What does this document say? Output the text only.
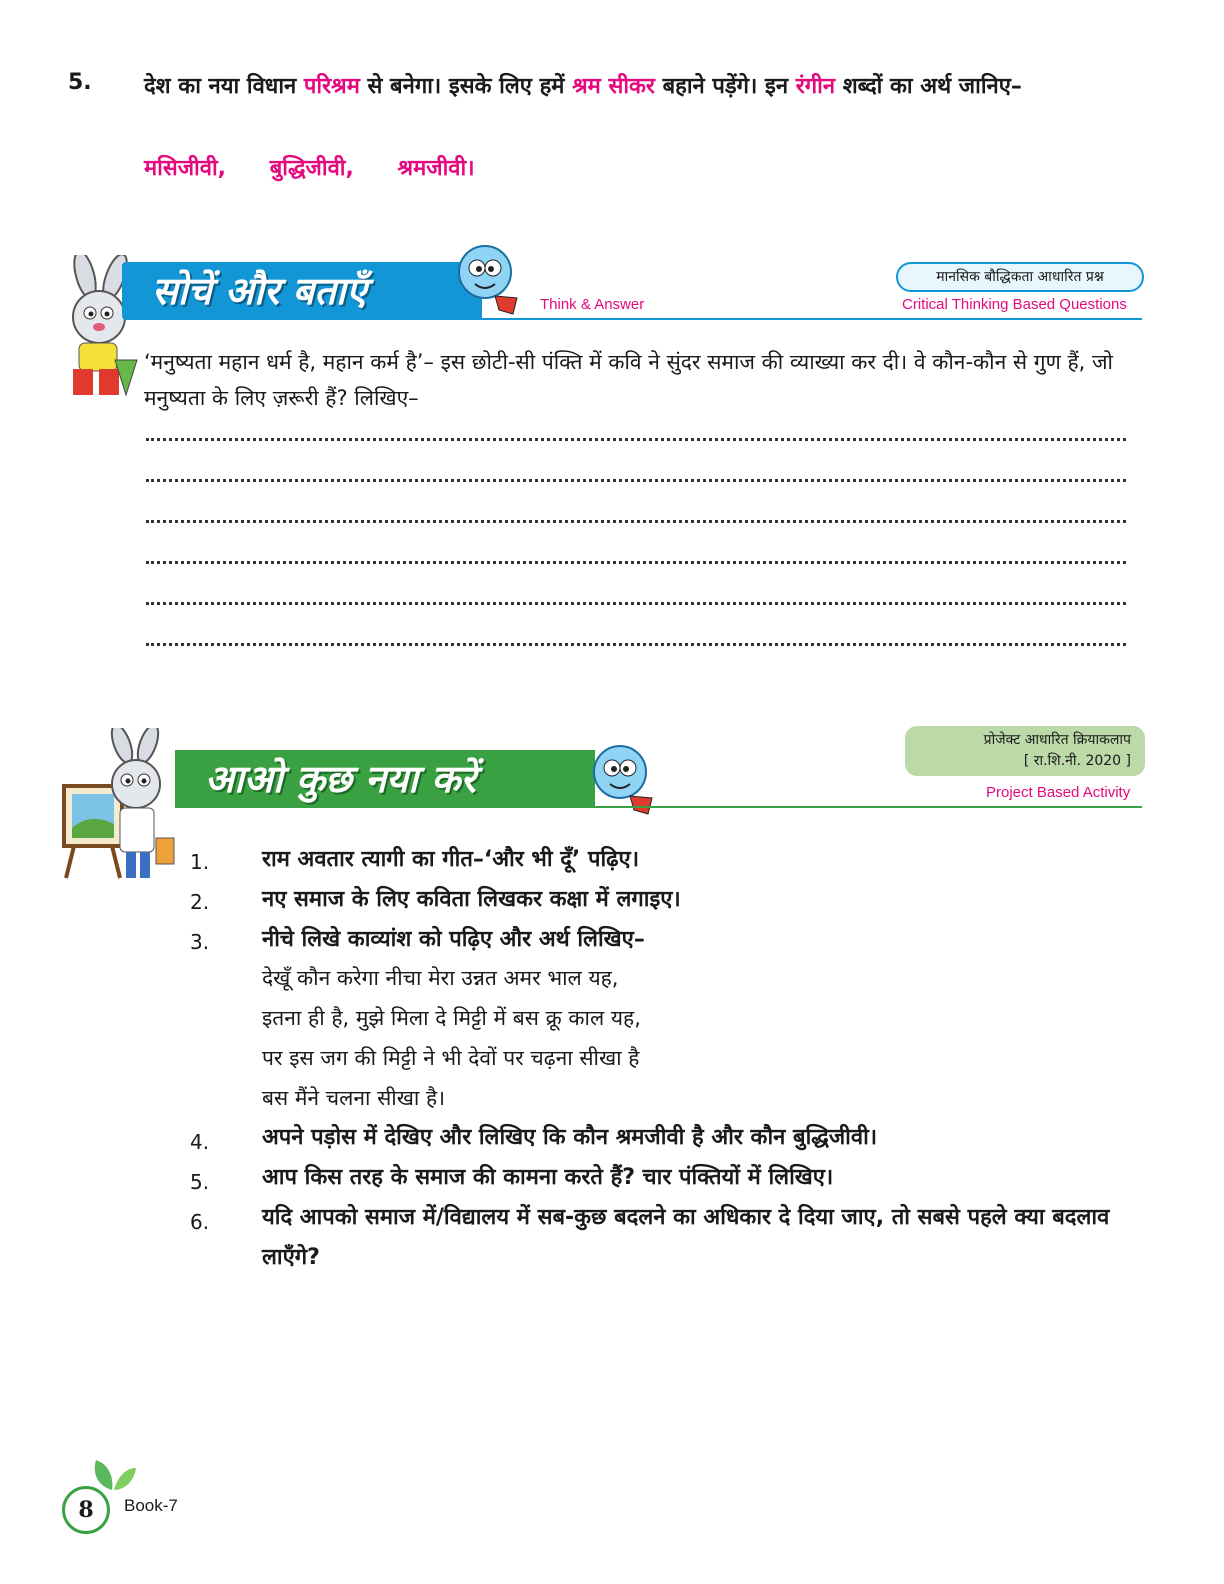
5. देश का नया विधान परिश्रम से बनेगा। इसके लिए हमें श्रम सीकर बहाने पड़ेंगे। इन रंगीन शब्दों का अर्थ जानिए–
मसिजीवी, बुद्धिजीवी, श्रमजीवी।
सोचें और बताएँ	Think & Answer
मानसिक बौद्धिकता आधारित प्रश्न
Critical Thinking Based Questions
‘मनुष्यता महान धर्म है, महान कर्म है’– इस छोटी-सी पंक्ति में कवि ने सुंदर समाज की व्याख्या कर दी। वे कौन-कौन से गुण हैं, जो मनुष्यता के लिए ज़रूरी हैं? लिखिए–
प्रोजेक्ट आधारित क्रियाकलाप
[ रा.शि.नी. 2020 ]
Project Based Activity
आओ कुछ नया करें
1. राम अवतार त्यागी का गीत–‘और भी दूँ’ पढ़िए।
2. नए समाज के लिए कविता लिखकर कक्षा में लगाइए।
3. नीचे लिखे काव्यांश को पढ़िए और अर्थ लिखिए–
देखूँ कौन करेगा नीचा मेरा उन्नत अमर भाल यह,
इतना ही है, मुझे मिला दे मिट्टी में बस क्रू काल यह,
पर इस जग की मिट्टी ने भी देवों पर चढ़ना सीखा है
बस मैंने चलना सीखा है।
4. अपने पड़ोस में देखिए और लिखिए कि कौन श्रमजीवी है और कौन बुद्धिजीवी।
5. आप किस तरह के समाज की कामना करते हैं? चार पंक्तियों में लिखिए।
6. यदि आपको समाज में/विद्यालय में सब-कुछ बदलने का अधिकार दे दिया जाए, तो सबसे पहले क्या बदलाव लाएँगे?
8	Book-7
